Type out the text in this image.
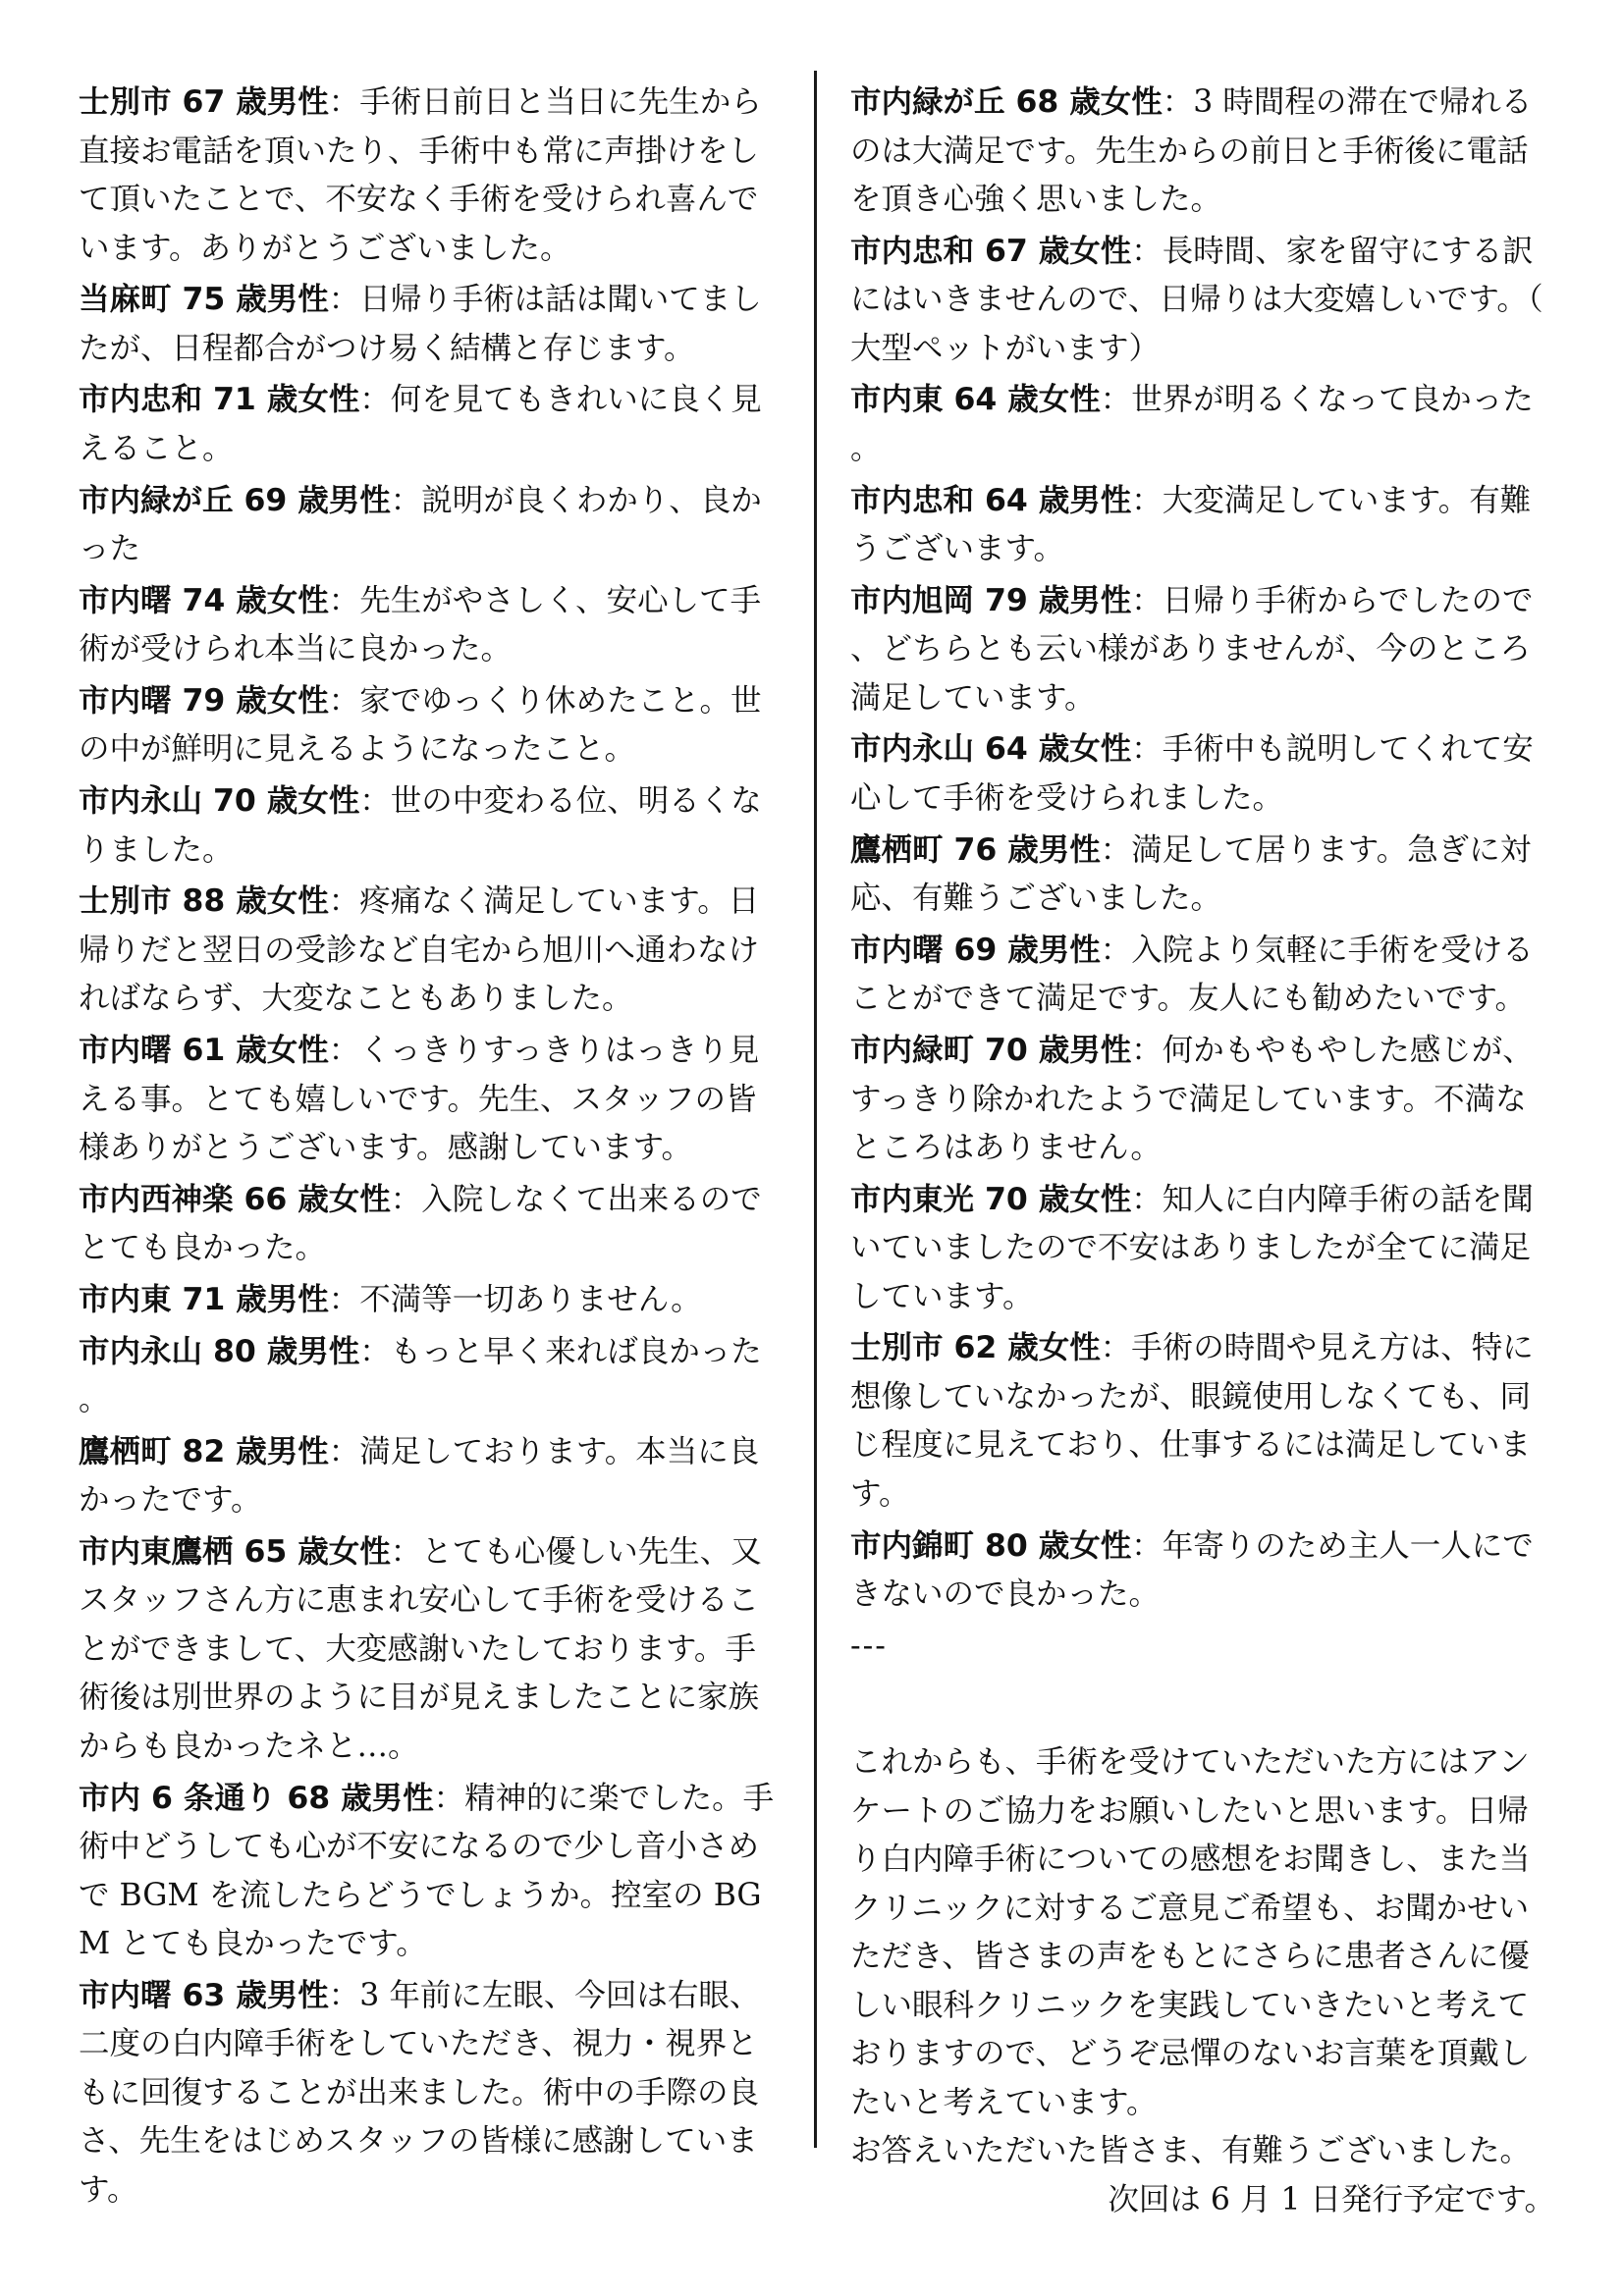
士別市 67 歳男性：手術日前日と当日に先生から直接お電話を頂いたり、手術中も常に声掛けをして頂いたことで、不安なく手術を受けられ喜んでいます。ありがとうございました。

当麻町 75 歳男性：日帰り手術は話は聞いてましたが、日程都合がつけ易く結構と存じます。

市内忠和 71 歳女性：何を見てもきれいに良く見えること。

市内緑が丘 69 歳男性：説明が良くわかり、良かった

市内曙 74 歳女性：先生がやさしく、安心して手術が受けられ本当に良かった。

市内曙 79 歳女性：家でゆっくり休めたこと。世の中が鮮明に見えるようになったこと。

市内永山 70 歳女性：世の中変わる位、明るくなりました。

士別市 88 歳女性：疼痛なく満足しています。日帰りだと翌日の受診など自宅から旭川へ通わなければならず、大変なこともありました。

市内曙 61 歳女性：くっきりすっきりはっきり見える事。とても嬉しいです。先生、スタッフの皆様ありがとうございます。感謝しています。

市内西神楽 66 歳女性：入院しなくて出来るのでとても良かった。

市内東 71 歳男性：不満等一切ありません。

市内永山 80 歳男性：もっと早く来れば良かった。

鷹栖町 82 歳男性：満足しております。本当に良かったです。

市内東鷹栖 65 歳女性：とても心優しい先生、又スタッフさん方に恵まれ安心して手術を受けることができまして、大変感謝いたしております。手術後は別世界のように目が見えましたことに家族からも良かったネと…。

市内 6 条通り 68 歳男性：精神的に楽でした。手術中どうしても心が不安になるので少し音小さめで BGM を流したらどうでしょうか。控室の BGM とても良かったです。

市内曙 63 歳男性：3 年前に左眼、今回は右眼、二度の白内障手術をしていただき、視力・視界ともに回復することが出来ました。術中の手際の良さ、先生をはじめスタッフの皆様に感謝しています。

市内緑が丘 68 歳女性：3 時間程の滞在で帰れるのは大満足です。先生からの前日と手術後に電話を頂き心強く思いました。

市内忠和 67 歳女性：長時間、家を留守にする訳にはいきませんので、日帰りは大変嬉しいです。（大型ペットがいます）

市内東 64 歳女性：世界が明るくなって良かった。

市内忠和 64 歳男性：大変満足しています。有難うございます。

市内旭岡 79 歳男性：日帰り手術からでしたので、どちらとも云い様がありませんが、今のところ満足しています。

市内永山 64 歳女性：手術中も説明してくれて安心して手術を受けられました。

鷹栖町 76 歳男性：満足して居ります。急ぎに対応、有難うございました。

市内曙 69 歳男性：入院より気軽に手術を受けることができて満足です。友人にも勧めたいです。

市内緑町 70 歳男性：何かもやもやした感じが、すっきり除かれたようで満足しています。不満なところはありません。

市内東光 70 歳女性：知人に白内障手術の話を聞いていましたので不安はありましたが全てに満足しています。

士別市 62 歳女性：手術の時間や見え方は、特に想像していなかったが、眼鏡使用しなくても、同じ程度に見えており、仕事するには満足しています。

市内錦町 80 歳女性：年寄りのため主人一人にできないので良かった。

---

これからも、手術を受けていただいた方にはアンケートのご協力をお願いしたいと思います。日帰り白内障手術についての感想をお聞きし、また当クリニックに対するご意見ご希望も、お聞かせいただき、皆さまの声をもとにさらに患者さんに優しい眼科クリニックを実践していきたいと考えておりますので、どうぞ忌憚のないお言葉を頂戴したいと考えています。

お答えいただいた皆さま、有難うございました。

次回は 6 月 1 日発行予定です。
